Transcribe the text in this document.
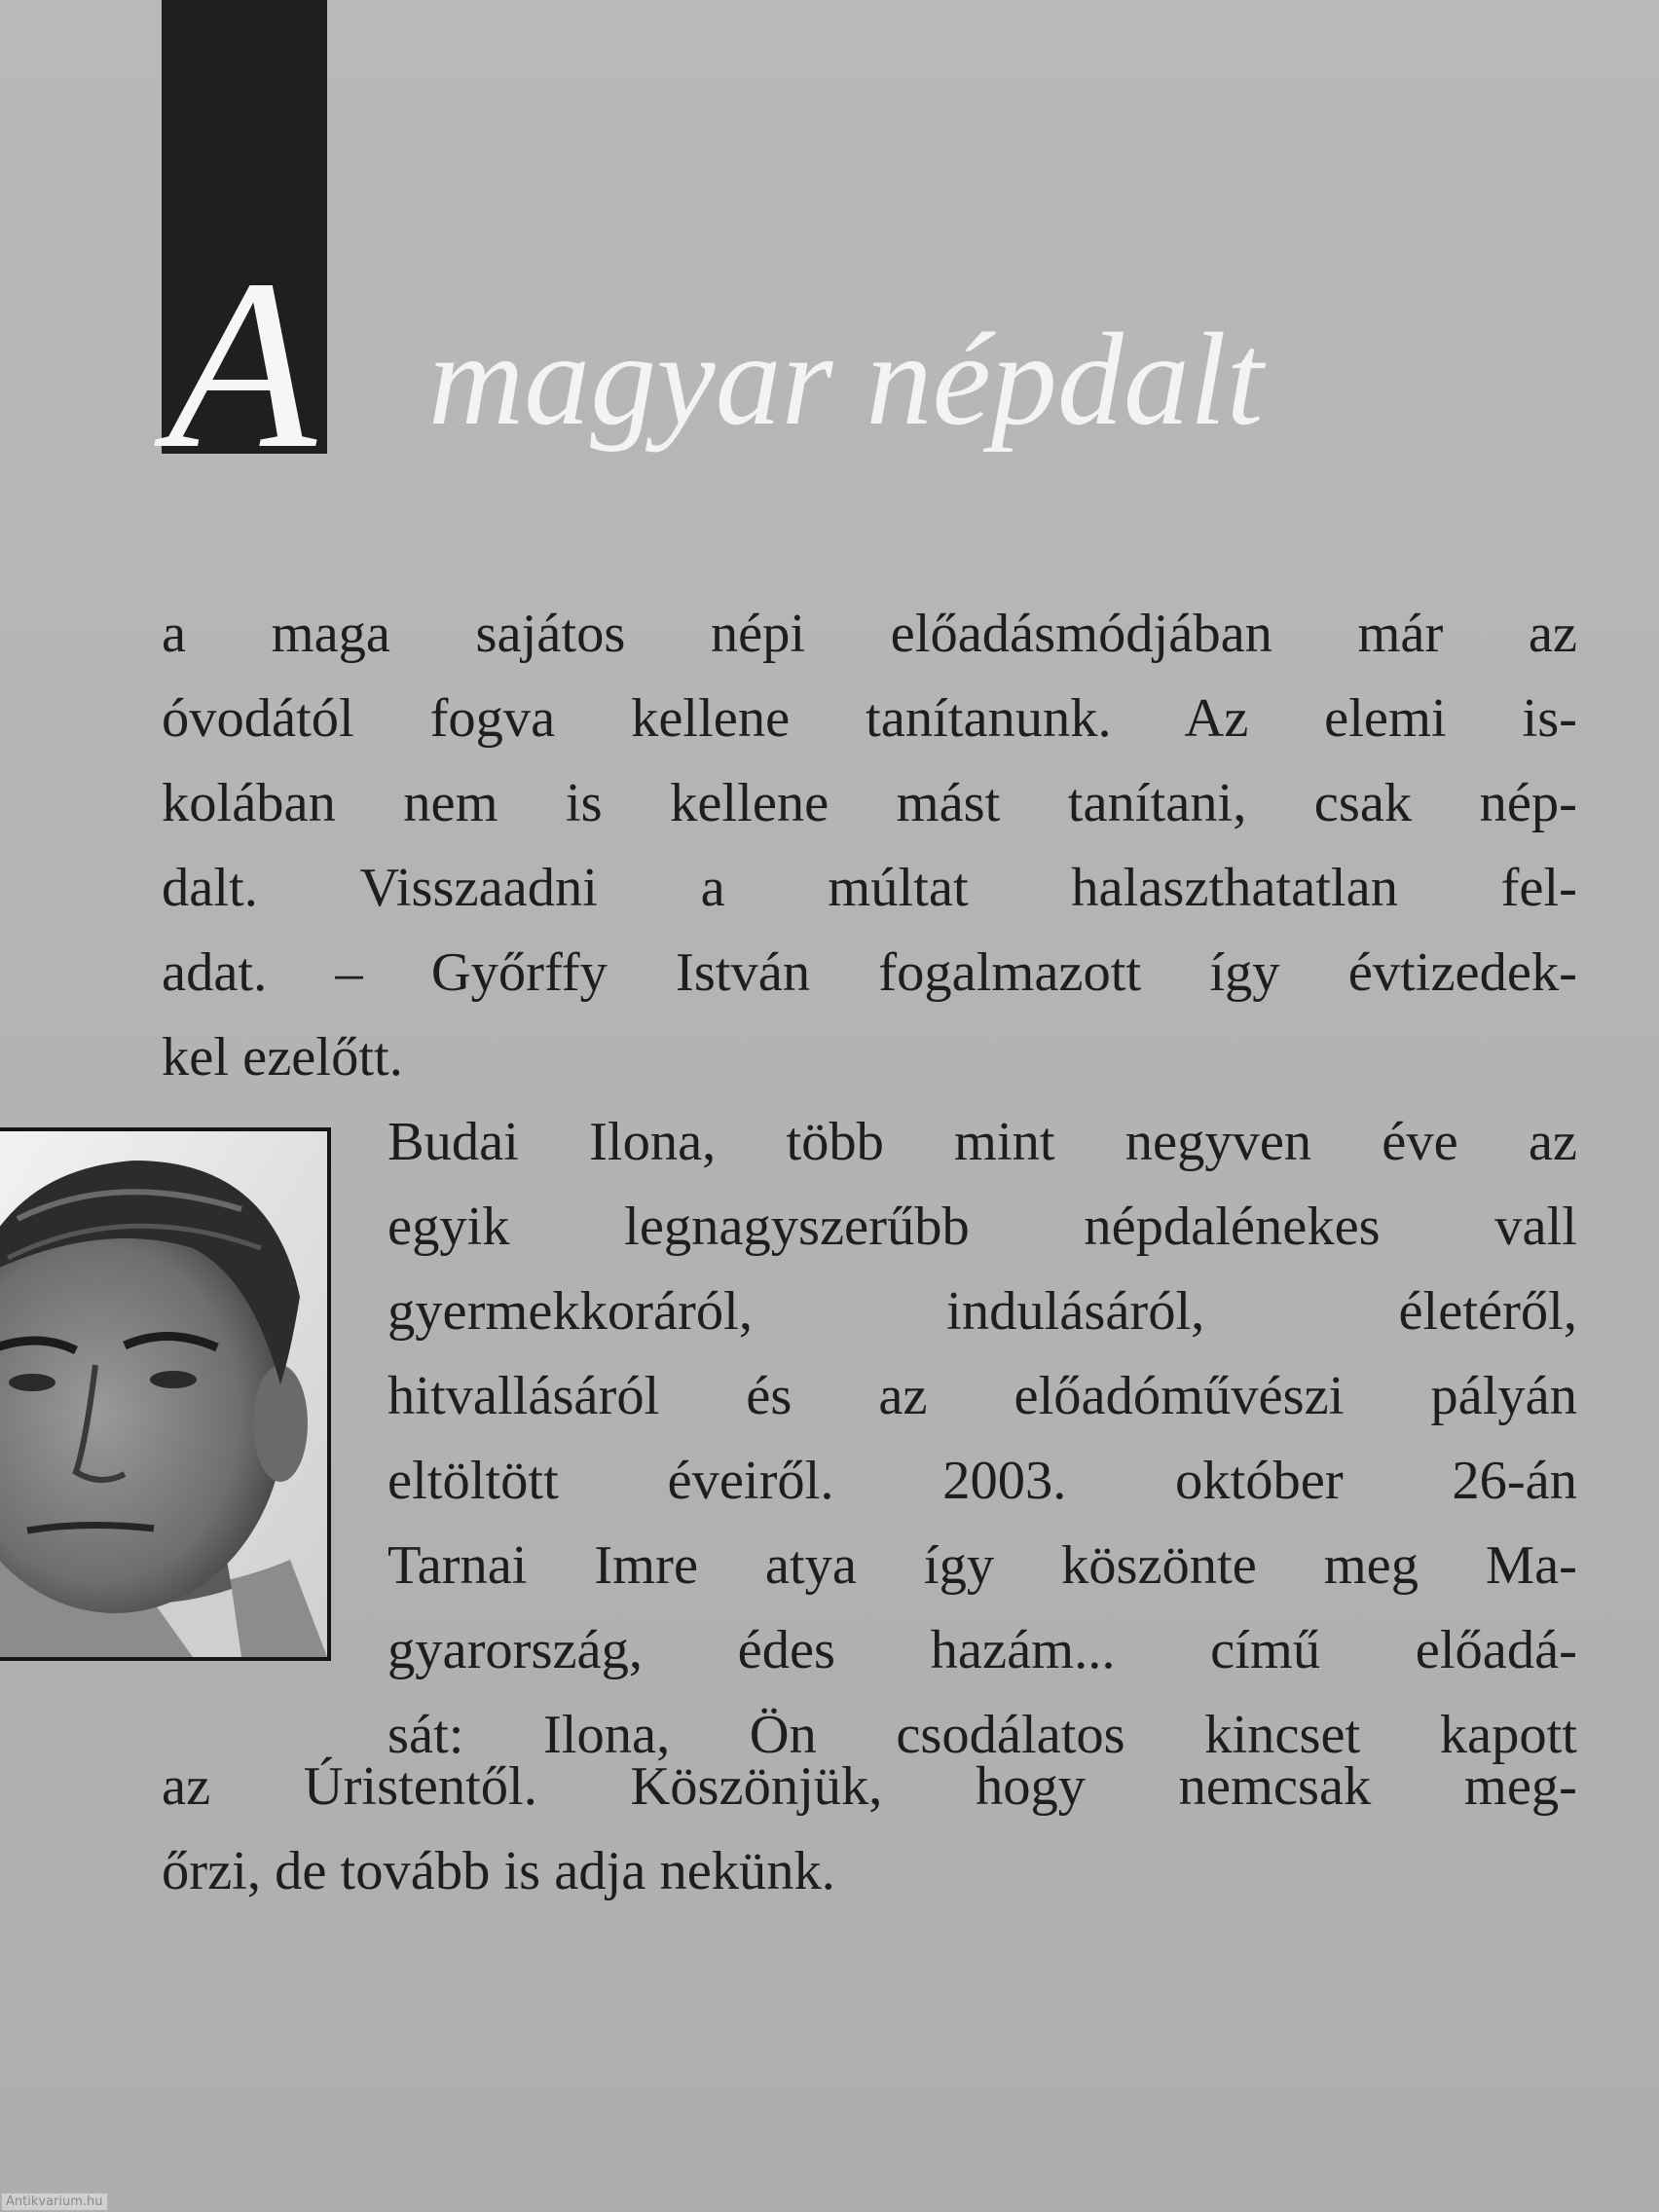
A magyar népdalt

a maga sajátos népi előadásmódjában már az
óvodától fogva kellene tanítanunk. Az elemi is-
kolában nem is kellene mást tanítani, csak nép-
dalt. Visszaadni a múltat halaszthatatlan fel-
adat. – Győrffy István fogalmazott így évtizedek-
kel ezelőtt.

Budai Ilona, több mint negyven éve az
egyik legnagyszerűbb népdalénekes vall
gyermekkoráról, indulásáról, életéről,
hitvallásáról és az előadóművészi pályán
eltöltött éveiről. 2003. október 26-án
Tarnai Imre atya így köszönte meg Ma-
gyarország, édes hazám... című előadá-
sát: Ilona, Ön csodálatos kincset kapott

az Úristentől. Köszönjük, hogy nemcsak meg-
őrzi, de tovább is adja nekünk.

Antikvarium.hu
